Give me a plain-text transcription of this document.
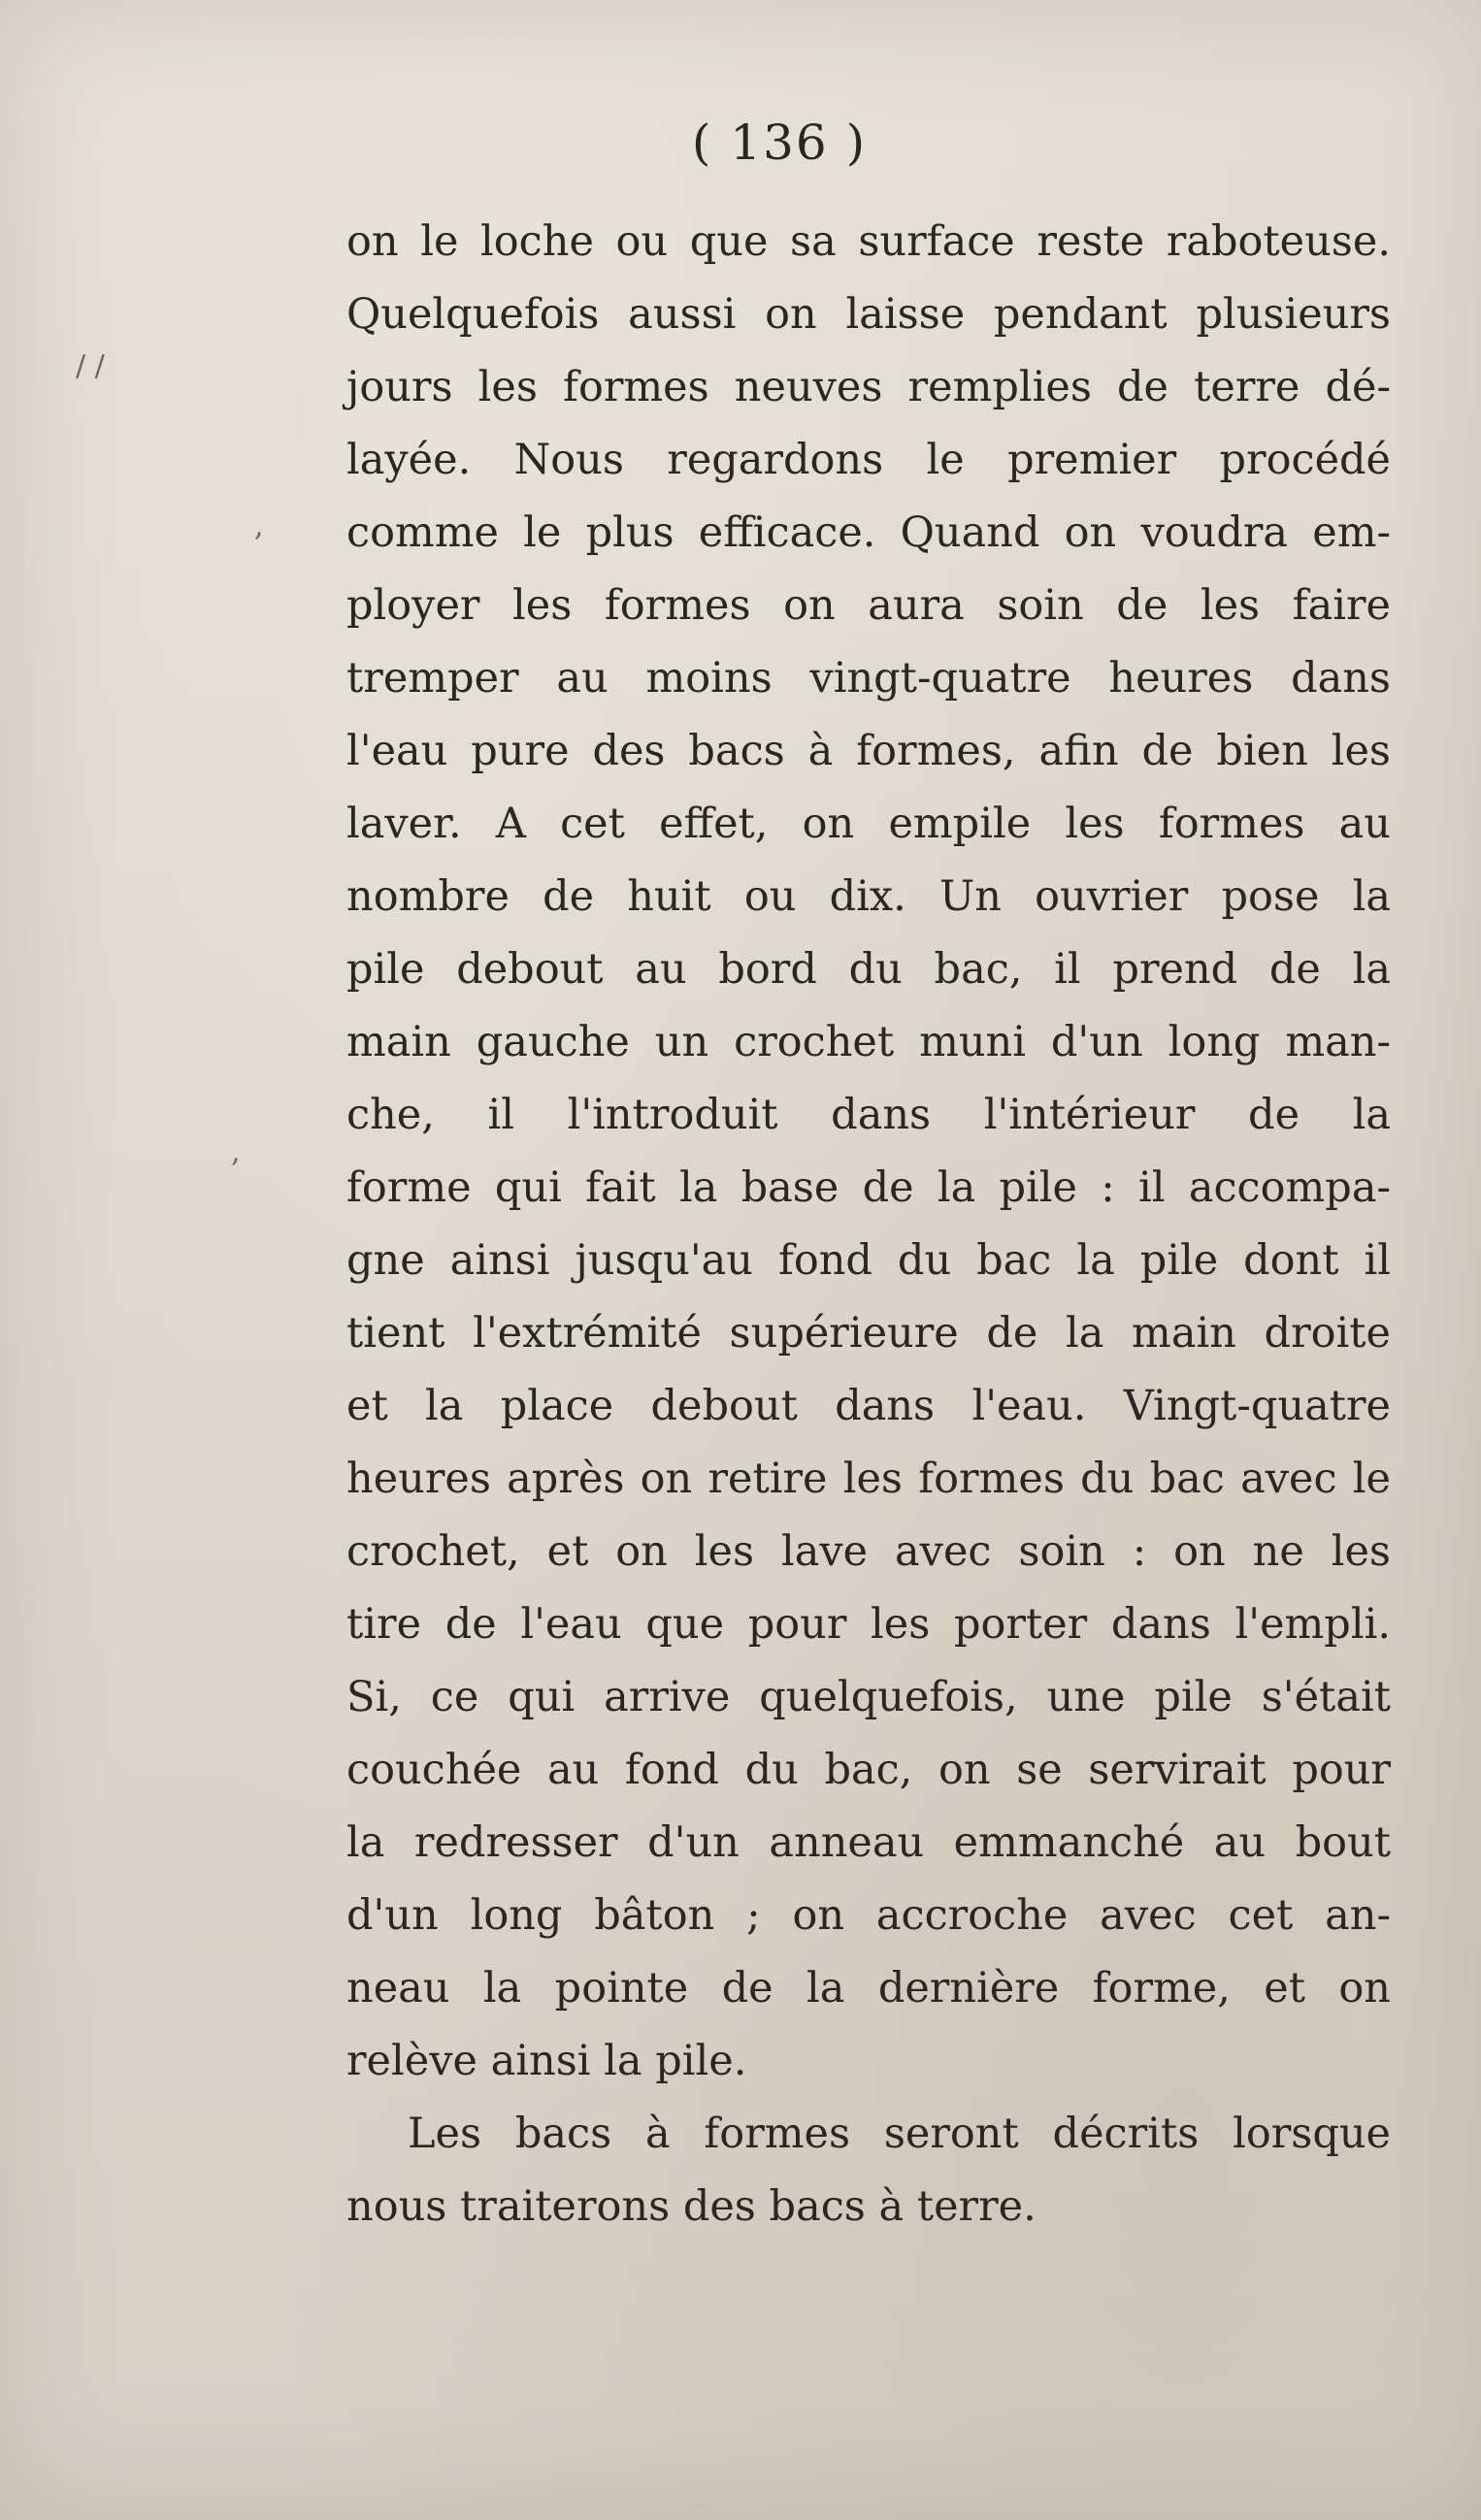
( 136 )
/ /
,
,
on le loche ou que sa surface reste raboteuse.
Quelquefois aussi on laisse pendant plusieurs
jours les formes neuves remplies de terre dé-
layée. Nous regardons le premier procédé
comme le plus efficace. Quand on voudra em-
ployer les formes on aura soin de les faire
tremper au moins vingt-quatre heures dans
l'eau pure des bacs à formes, afin de bien les
laver. A cet effet, on empile les formes au
nombre de huit ou dix. Un ouvrier pose la
pile debout au bord du bac, il prend de la
main gauche un crochet muni d'un long man-
che, il l'introduit dans l'intérieur de la
forme qui fait la base de la pile : il accompa-
gne ainsi jusqu'au fond du bac la pile dont il
tient l'extrémité supérieure de la main droite
et la place debout dans l'eau. Vingt-quatre
heures après on retire les formes du bac avec le
crochet, et on les lave avec soin : on ne les
tire de l'eau que pour les porter dans l'empli.
Si, ce qui arrive quelquefois, une pile s'était
couchée au fond du bac, on se servirait pour
la redresser d'un anneau emmanché au bout
d'un long bâton ; on accroche avec cet an-
neau la pointe de la dernière forme, et on
relève ainsi la pile.
Les bacs à formes seront décrits lorsque
nous traiterons des bacs à terre.
